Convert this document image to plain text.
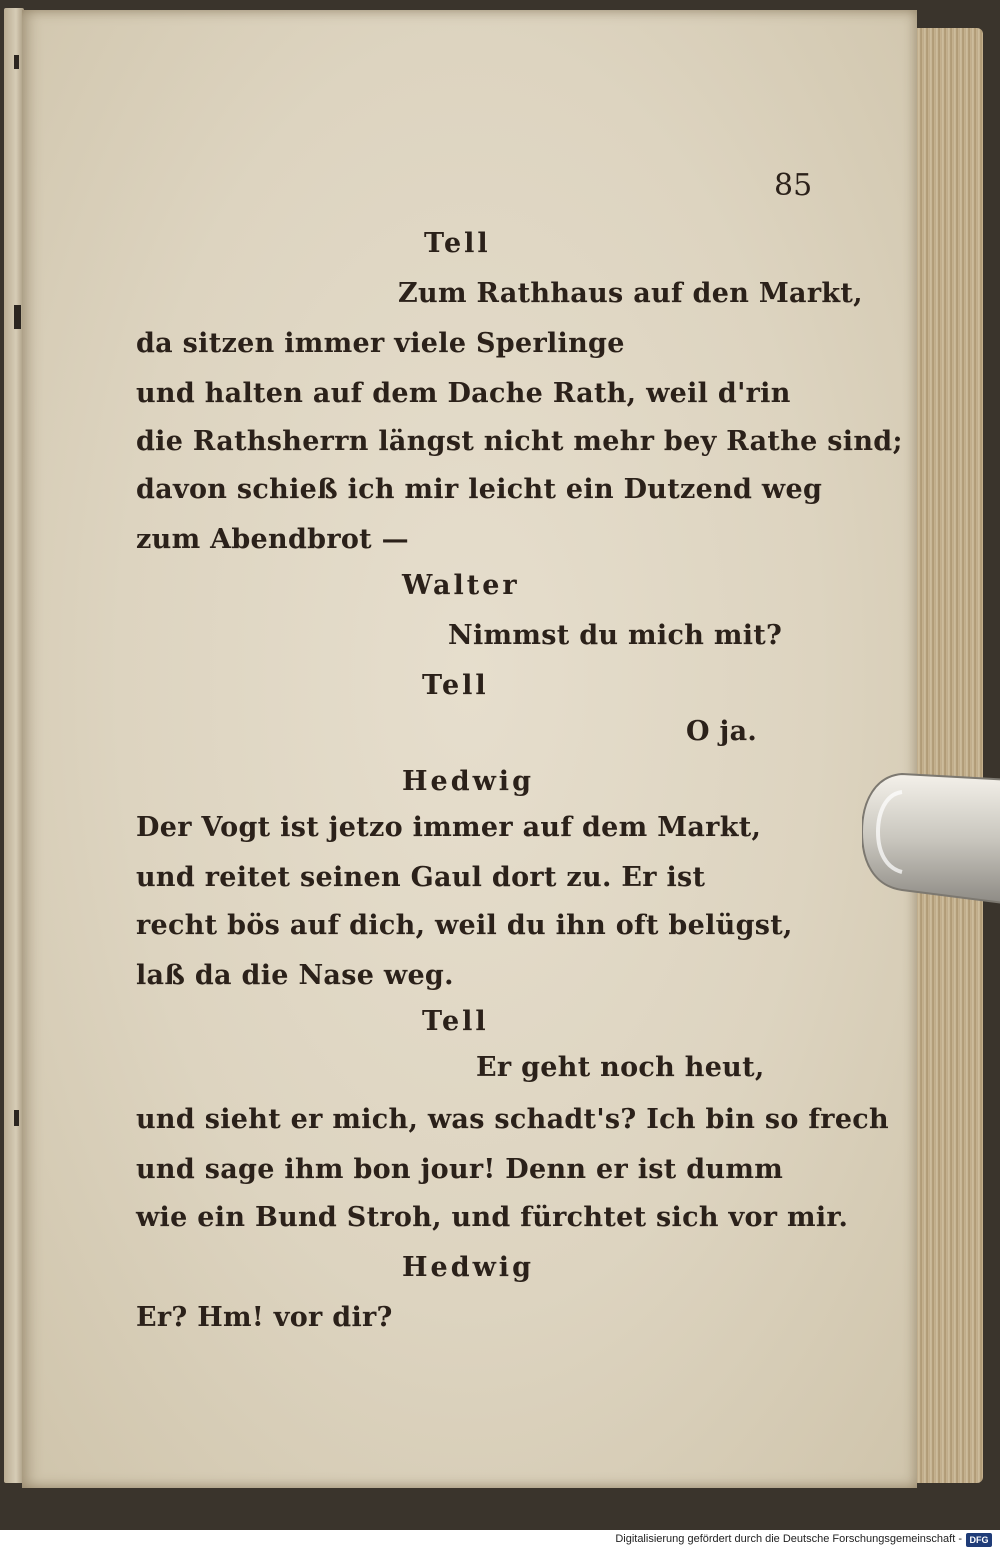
85
Tell
Zum Rathhaus auf den Markt,
da sitzen immer viele Sperlinge
und halten auf dem Dache Rath, weil d'rin
die Rathsherrn längst nicht mehr bey Rathe sind;
davon schieß ich mir leicht ein Dutzend weg
zum Abendbrot —
Walter
Nimmst du mich mit?
Tell
O ja.
Hedwig
Der Vogt ist jetzo immer auf dem Markt,
und reitet seinen Gaul dort zu. Er ist
recht bös auf dich, weil du ihn oft belügst,
laß da die Nase weg.
Tell
Er geht noch heut,
und sieht er mich, was schadt's? Ich bin so frech
und sage ihm bon jour! Denn er ist dumm
wie ein Bund Stroh, und fürchtet sich vor mir.
Hedwig
Er? Hm! vor dir?
Digitalisierung gefördert durch die Deutsche Forschungsgemeinschaft - DFG
